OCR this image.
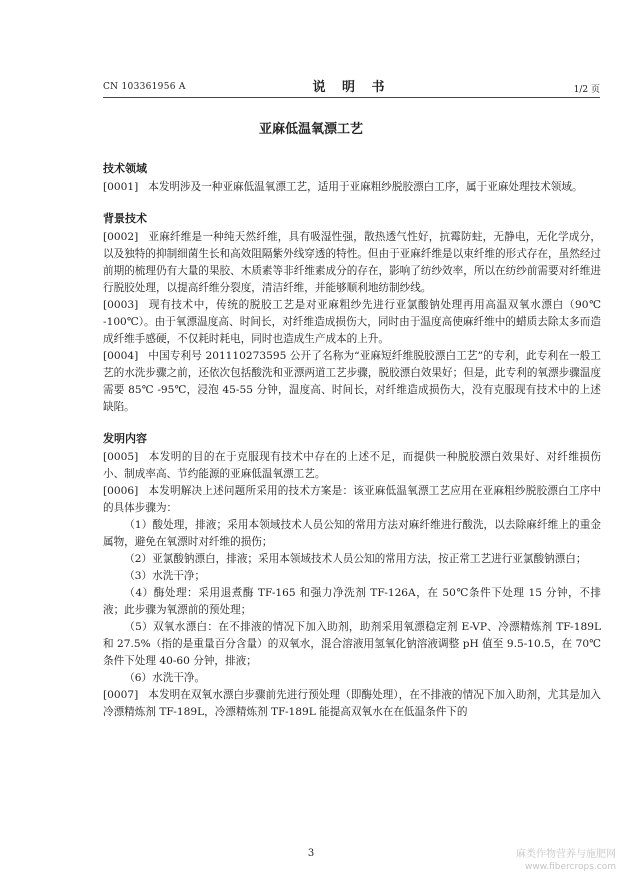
CN 103361956 A	说 明 书	1/2 页
亚麻低温氧漂工艺
技术领域

[0001] 本发明涉及一种亚麻低温氧漂工艺，适用于亚麻粗纱脱胶漂白工序，属于亚麻处理技术领域。

背景技术

[0002] 亚麻纤维是一种纯天然纤维，具有吸湿性强，散热透气性好，抗霉防蛀，无静电，无化学成分，以及独特的抑制细菌生长和高效阻隔紫外线穿透的特性。但由于亚麻纤维是以束纤维的形式存在，虽然经过前期的梳理仍有大量的果胶、木质素等非纤维素成分的存在，影响了纺纱效率，所以在纺纱前需要对纤维进行脱胶处理，以提高纤维分裂度，清洁纤维，并能够顺利地纺制纱线。

[0003] 现有技术中，传统的脱胶工艺是对亚麻粗纱先进行亚氯酸钠处理再用高温双氧水漂白（90℃ -100℃）。由于氧漂温度高、时间长，对纤维造成损伤大，同时由于温度高使麻纤维中的蜡质去除太多而造成纤维手感硬，不仅耗时耗电，同时也造成生产成本的上升。

[0004] 中国专利号 201110273595 公开了名称为“亚麻短纤维脱胶漂白工艺”的专利，此专利在一般工艺的水洗步骤之前，还依次包括酸洗和亚漂两道工艺步骤，脱胶漂白效果好；但是，此专利的氧漂步骤温度需要 85℃ -95℃，浸泡 45-55 分钟，温度高、时间长，对纤维造成损伤大，没有克服现有技术中的上述缺陷。

发明内容

[0005] 本发明的目的在于克服现有技术中存在的上述不足，而提供一种脱胶漂白效果好、对纤维损伤小、制成率高、节约能源的亚麻低温氧漂工艺。

[0006] 本发明解决上述问题所采用的技术方案是：该亚麻低温氧漂工艺应用在亚麻粗纱脱胶漂白工序中的具体步骤为：

（1）酸处理，排液；采用本领域技术人员公知的常用方法对麻纤维进行酸洗，以去除麻纤维上的重金属物，避免在氧漂时对纤维的损伤；

（2）亚氯酸钠漂白，排液；采用本领域技术人员公知的常用方法，按正常工艺进行亚氯酸钠漂白；

（3）水洗干净；

（4）酶处理：采用退煮酶 TF-165 和强力净洗剂 TF-126A，在 50℃条件下处理 15 分钟，不排液；此步骤为氧漂前的预处理；

（5）双氧水漂白：在不排液的情况下加入助剂，助剂采用氧漂稳定剂 E-VP、冷漂精炼剂 TF-189L 和 27.5%（指的是重量百分含量）的双氧水，混合溶液用氢氧化钠溶液调整 pH 值至 9.5-10.5，在 70℃条件下处理 40-60 分钟，排液；

（6）水洗干净。

[0007] 本发明在双氧水漂白步骤前先进行预处理（即酶处理），在不排液的情况下加入助剂，尤其是加入冷漂精炼剂 TF-189L，冷漂精炼剂 TF-189L 能提高双氧水在在低温条件下的

3	麻类作物营养与施肥网
www.fibercrops.com
